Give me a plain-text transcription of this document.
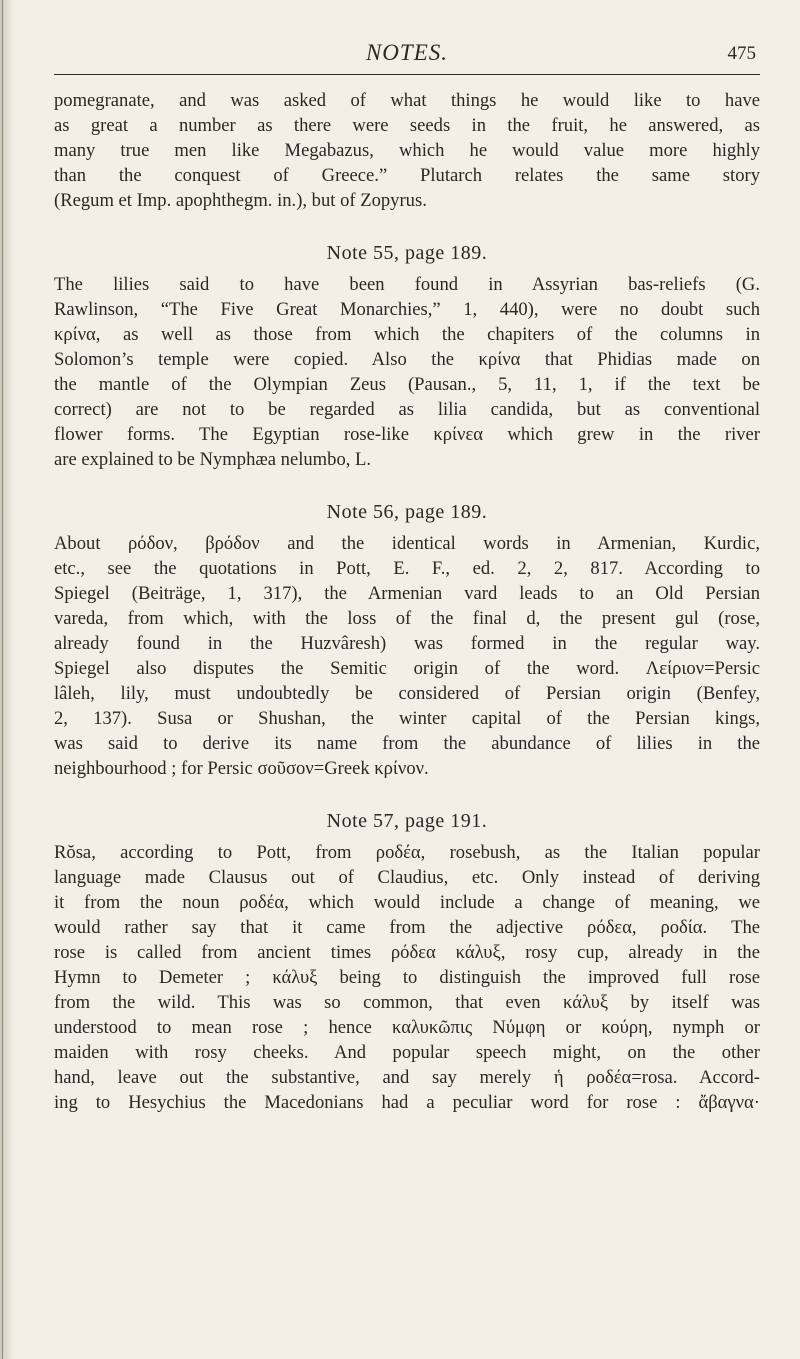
NOTES.	475

pomegranate, and was asked of what things he would like to have

as great a number as there were seeds in the fruit, he answered, as

many true men like Megabazus, which he would value more highly

than the conquest of Greece.” Plutarch relates the same story

(Regum et Imp. apophthegm. in.), but of Zopyrus.

Note 55, page 189.

The lilies said to have been found in Assyrian bas-reliefs (G.

Rawlinson, “The Five Great Monarchies,” 1, 440), were no doubt such

κρίνα, as well as those from which the chapiters of the columns in

Solomon’s temple were copied. Also the κρίνα that Phidias made on

the mantle of the Olympian Zeus (Pausan., 5, 11, 1, if the text be

correct) are not to be regarded as lilia candida, but as conventional

flower forms. The Egyptian rose-like κρίνεα which grew in the river

are explained to be Nymphæa nelumbo, L.

Note 56, page 189.

About ρόδον, βρόδον and the identical words in Armenian, Kurdic,

etc., see the quotations in Pott, E. F., ed. 2, 2, 817. According to

Spiegel (Beiträge, 1, 317), the Armenian vard leads to an Old Persian

vareda, from which, with the loss of the final d, the present gul (rose,

already found in the Huzvâresh) was formed in the regular way.

Spiegel also disputes the Semitic origin of the word. Λείριον=Persic

lâleh, lily, must undoubtedly be considered of Persian origin (Benfey,

2, 137). Susa or Shushan, the winter capital of the Persian kings,

was said to derive its name from the abundance of lilies in the

neighbourhood ; for Persic σοῦσον=Greek κρίνον.

Note 57, page 191.

Rŏsa, according to Pott, from ροδέα, rosebush, as the Italian popular

language made Clausus out of Claudius, etc. Only instead of deriving

it from the noun ροδέα, which would include a change of meaning, we

would rather say that it came from the adjective ρόδεα, ροδία. The

rose is called from ancient times ρόδεα κάλυξ, rosy cup, already in the

Hymn to Demeter ; κάλυξ being to distinguish the improved full rose

from the wild. This was so common, that even κάλυξ by itself was

understood to mean rose ; hence καλυκῶπις Νύμφη or κούρη, nymph or

maiden with rosy cheeks. And popular speech might, on the other

hand, leave out the substantive, and say merely ἡ ροδέα=rosa. Accord-

ing to Hesychius the Macedonians had a peculiar word for rose : ἄβαγνα·
